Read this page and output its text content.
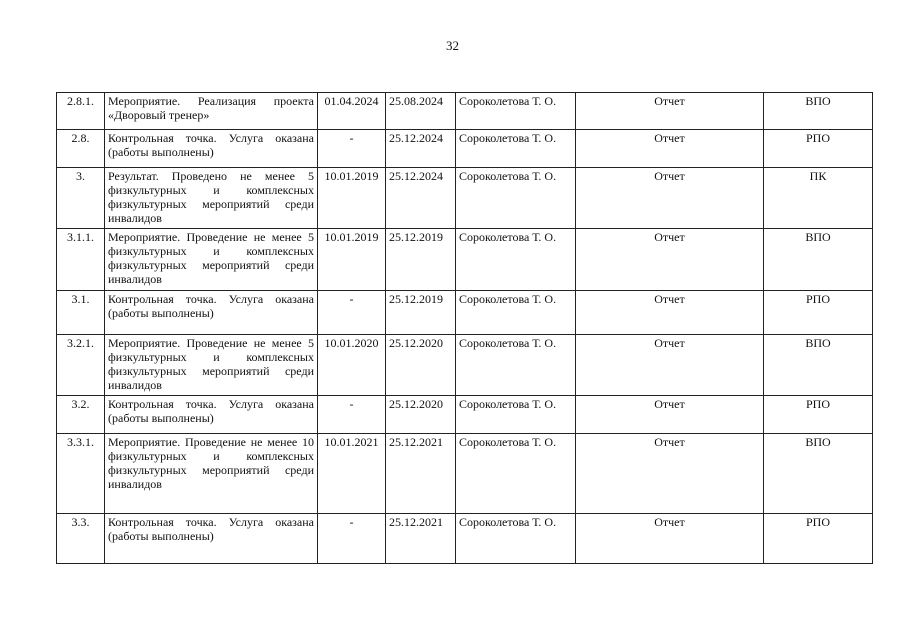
32
2.8.1.	Мероприятие. Реализация проекта «Дворовый тренер»	01.04.2024	25.08.2024	Сороколетова Т. О.	Отчет	ВПО
2.8.	Контрольная точка. Услуга оказана (работы выполнены)	-	25.12.2024	Сороколетова Т. О.	Отчет	РПО
3.	Результат. Проведено не менее 5 физкультурных и комплексных физкультурных мероприятий среди инвалидов	10.01.2019	25.12.2024	Сороколетова Т. О.	Отчет	ПК
3.1.1.	Мероприятие. Проведение не менее 5 физкультурных и комплексных физкультурных мероприятий среди инвалидов	10.01.2019	25.12.2019	Сороколетова Т. О.	Отчет	ВПО
3.1.	Контрольная точка. Услуга оказана (работы выполнены)	-	25.12.2019	Сороколетова Т. О.	Отчет	РПО
3.2.1.	Мероприятие. Проведение не менее 5 физкультурных и комплексных физкультурных мероприятий среди инвалидов	10.01.2020	25.12.2020	Сороколетова Т. О.	Отчет	ВПО
3.2.	Контрольная точка. Услуга оказана (работы выполнены)	-	25.12.2020	Сороколетова Т. О.	Отчет	РПО
3.3.1.	Мероприятие. Проведение не менее 10 физкультурных и комплексных физкультурных мероприятий среди инвалидов	10.01.2021	25.12.2021	Сороколетова Т. О.	Отчет	ВПО
3.3.	Контрольная точка. Услуга оказана (работы выполнены)	-	25.12.2021	Сороколетова Т. О.	Отчет	РПО
